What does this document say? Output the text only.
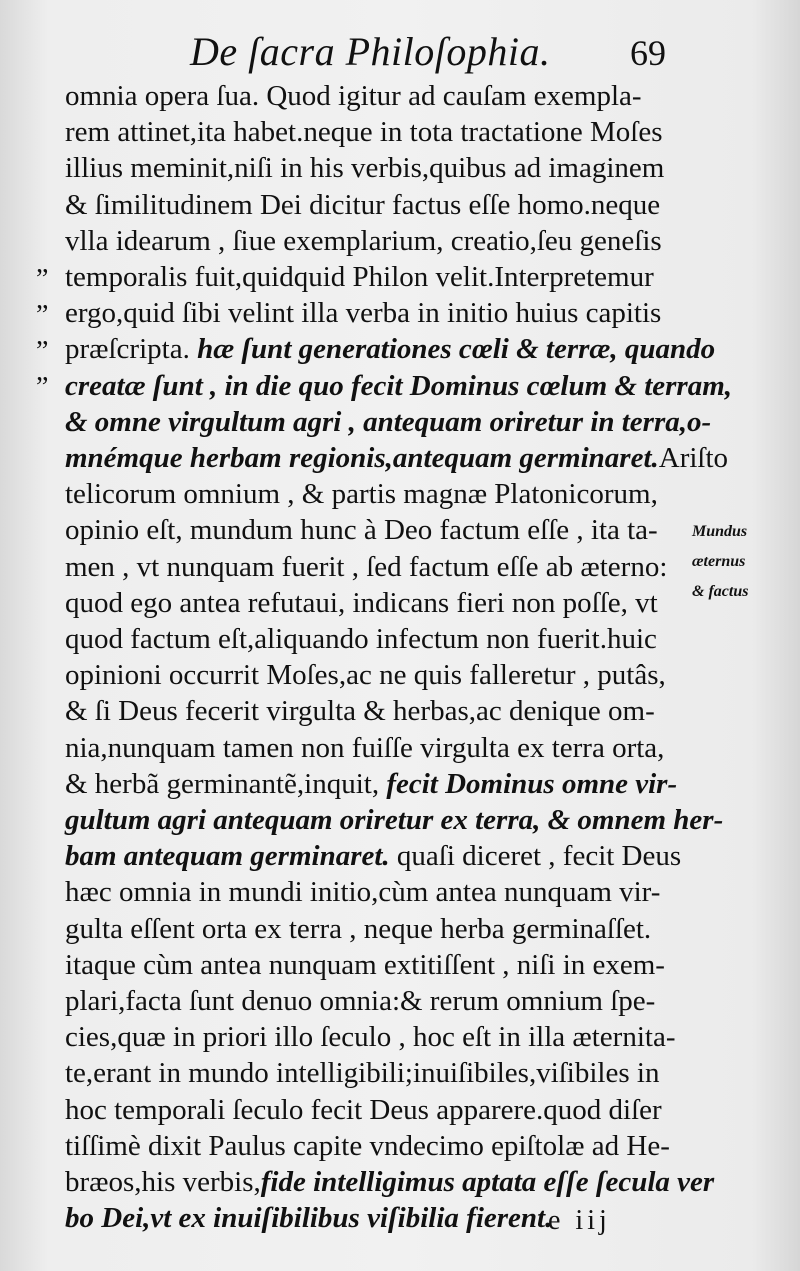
De ſacra Philoſophia. 69
omnia opera ſua. Quod igitur ad cauſam exempla-
rem attinet,ita habet.neque in tota tractatione Moſes
illius meminit,niſi in his verbis,quibus ad imaginem
& ſimilitudinem Dei dicitur factus eſſe homo.neque
vlla idearum , ſiue exemplarium, creatio,ſeu geneſis
temporalis fuit,quidquid Philon velit.Interpretemur
ergo,quid ſibi velint illa verba in initio huius capitis
præſcripta. hæ ſunt generationes cœli & terræ, quando
creatæ ſunt , in die quo fecit Dominus cœlum & terram,
& omne virgultum agri , antequam oriretur in terra,o-
mnémque herbam regionis,antequam germinaret.Ariſto
telicorum omnium , & partis magnæ Platonicorum,
opinio eſt, mundum hunc à Deo factum eſſe , ita ta-
men , vt nunquam fuerit , ſed factum eſſe ab æterno:
quod ego antea refutaui, indicans fieri non poſſe, vt
quod factum eſt,aliquando infectum non fuerit.huic
opinioni occurrit Moſes,ac ne quis falleretur , putâs,
& ſi Deus fecerit virgulta & herbas,ac denique om-
nia,nunquam tamen non fuiſſe virgulta ex terra orta,
& herbã germinantẽ,inquit, fecit Dominus omne vir-
gultum agri antequam oriretur ex terra, & omnem her-
bam antequam germinaret. quaſi diceret , fecit Deus
hæc omnia in mundi initio,cùm antea nunquam vir-
gulta eſſent orta ex terra , neque herba germinaſſet.
itaque cùm antea nunquam extitiſſent , niſi in exem-
plari,facta ſunt denuo omnia:& rerum omnium ſpe-
cies,quæ in priori illo ſeculo , hoc eſt in illa æternita-
te,erant in mundo intelligibili;inuiſibiles,viſibiles in
hoc temporali ſeculo fecit Deus apparere.quod diſer
tiſſimè dixit Paulus capite vndecimo epiſtolæ ad He-
bræos,his verbis,fide intelligimus aptata eſſe ſecula ver
bo Dei,vt ex inuiſibilibus viſibilia fierent.
”
”
”
”
Mundus
æternus
& factus
e iij
